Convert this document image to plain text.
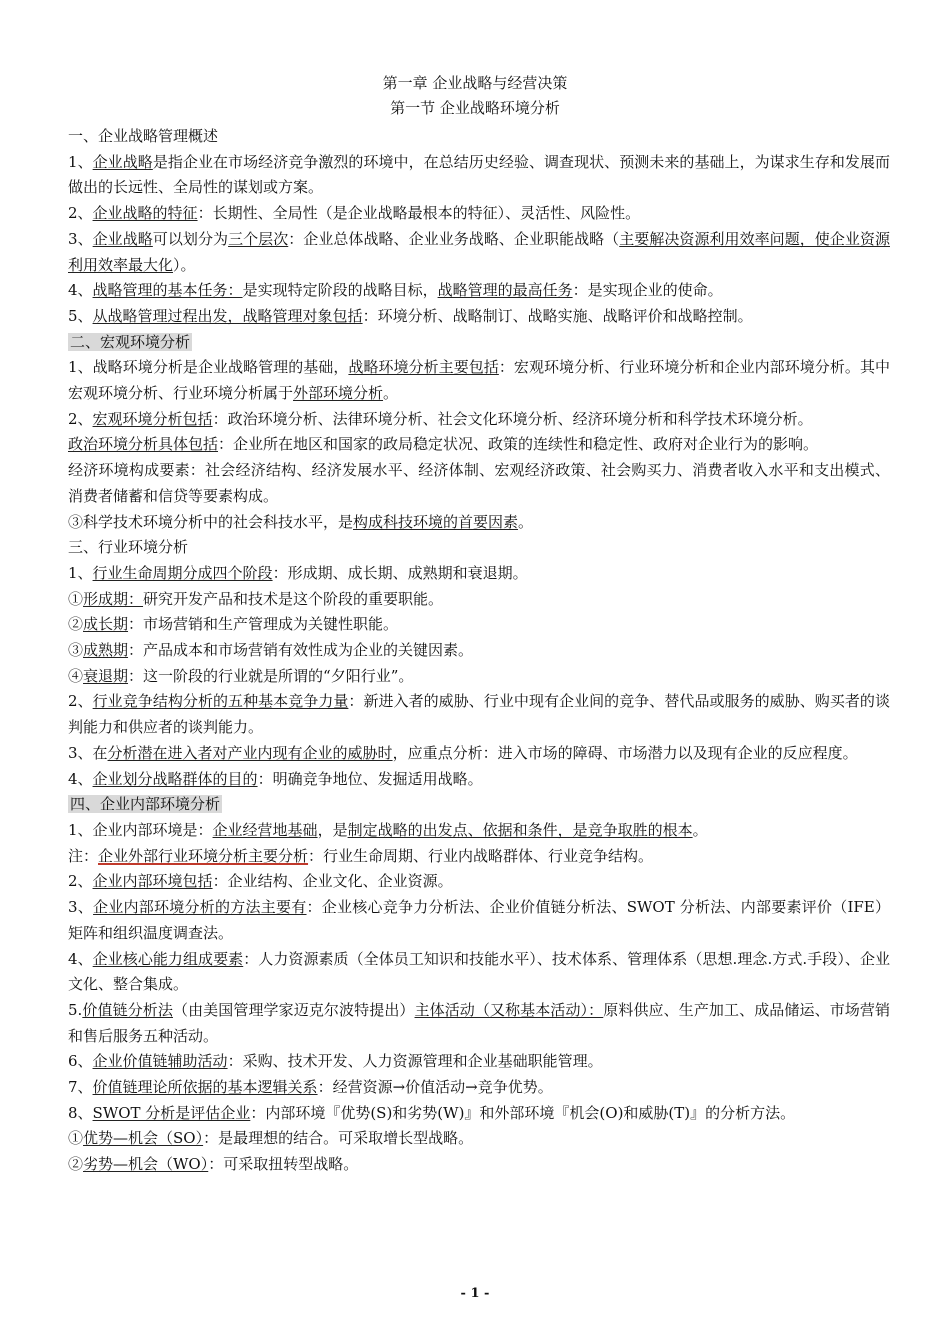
第一章 企业战略与经营决策
第一节 企业战略环境分析

一、企业战略管理概述

1、企业战略是指企业在市场经济竞争激烈的环境中，在总结历史经验、调查现状、预测未来的基础上，为谋求生存和发展而做出的长远性、全局性的谋划或方案。

2、企业战略的特征：长期性、全局性（是企业战略最根本的特征）、灵活性、风险性。

3、企业战略可以划分为三个层次：企业总体战略、企业业务战略、企业职能战略（主要解决资源利用效率问题，使企业资源利用效率最大化）。

4、战略管理的基本任务：是实现特定阶段的战略目标，战略管理的最高任务：是实现企业的使命。

5、从战略管理过程出发，战略管理对象包括：环境分析、战略制订、战略实施、战略评价和战略控制。

二、宏观环境分析

1、战略环境分析是企业战略管理的基础，战略环境分析主要包括：宏观环境分析、行业环境分析和企业内部环境分析。其中宏观环境分析、行业环境分析属于外部环境分析。

2、宏观环境分析包括：政治环境分析、法律环境分析、社会文化环境分析、经济环境分析和科学技术环境分析。

政治环境分析具体包括：企业所在地区和国家的政局稳定状况、政策的连续性和稳定性、政府对企业行为的影响。

经济环境构成要素：社会经济结构、经济发展水平、经济体制、宏观经济政策、社会购买力、消费者收入水平和支出模式、消费者储蓄和信贷等要素构成。

③科学技术环境分析中的社会科技水平，是构成科技环境的首要因素。

三、行业环境分析

1、行业生命周期分成四个阶段：形成期、成长期、成熟期和衰退期。

①形成期：研究开发产品和技术是这个阶段的重要职能。

②成长期：市场营销和生产管理成为关键性职能。

③成熟期：产品成本和市场营销有效性成为企业的关键因素。

④衰退期：这一阶段的行业就是所谓的“夕阳行业”。

2、行业竞争结构分析的五种基本竞争力量：新进入者的威胁、行业中现有企业间的竞争、替代品或服务的威胁、购买者的谈判能力和供应者的谈判能力。

3、在分析潜在进入者对产业内现有企业的威胁时，应重点分析：进入市场的障碍、市场潜力以及现有企业的反应程度。

4、企业划分战略群体的目的：明确竞争地位、发掘适用战略。

四、企业内部环境分析

1、企业内部环境是：企业经营地基础，是制定战略的出发点、依据和条件，是竞争取胜的根本。

注：企业外部行业环境分析主要分析：行业生命周期、行业内战略群体、行业竞争结构。

2、企业内部环境包括：企业结构、企业文化、企业资源。

3、企业内部环境分析的方法主要有：企业核心竞争力分析法、企业价值链分析法、SWOT 分析法、内部要素评价（IFE）矩阵和组织温度调查法。

4、企业核心能力组成要素：人力资源素质（全体员工知识和技能水平）、技术体系、管理体系（思想.理念.方式.手段）、企业文化、整合集成。

5.价值链分析法（由美国管理学家迈克尔波特提出）主体活动（又称基本活动）：原料供应、生产加工、成品储运、市场营销和售后服务五种活动。

6、企业价值链辅助活动：采购、技术开发、人力资源管理和企业基础职能管理。

7、价值链理论所依据的基本逻辑关系：经营资源→价值活动→竞争优势。

8、SWOT 分析是评估企业：内部环境『优势(S)和劣势(W)』和外部环境『机会(O)和威胁(T)』的分析方法。

①优势—机会（SO）：是最理想的结合。可采取增长型战略。

②劣势—机会（WO）：可采取扭转型战略。

- 1 -
